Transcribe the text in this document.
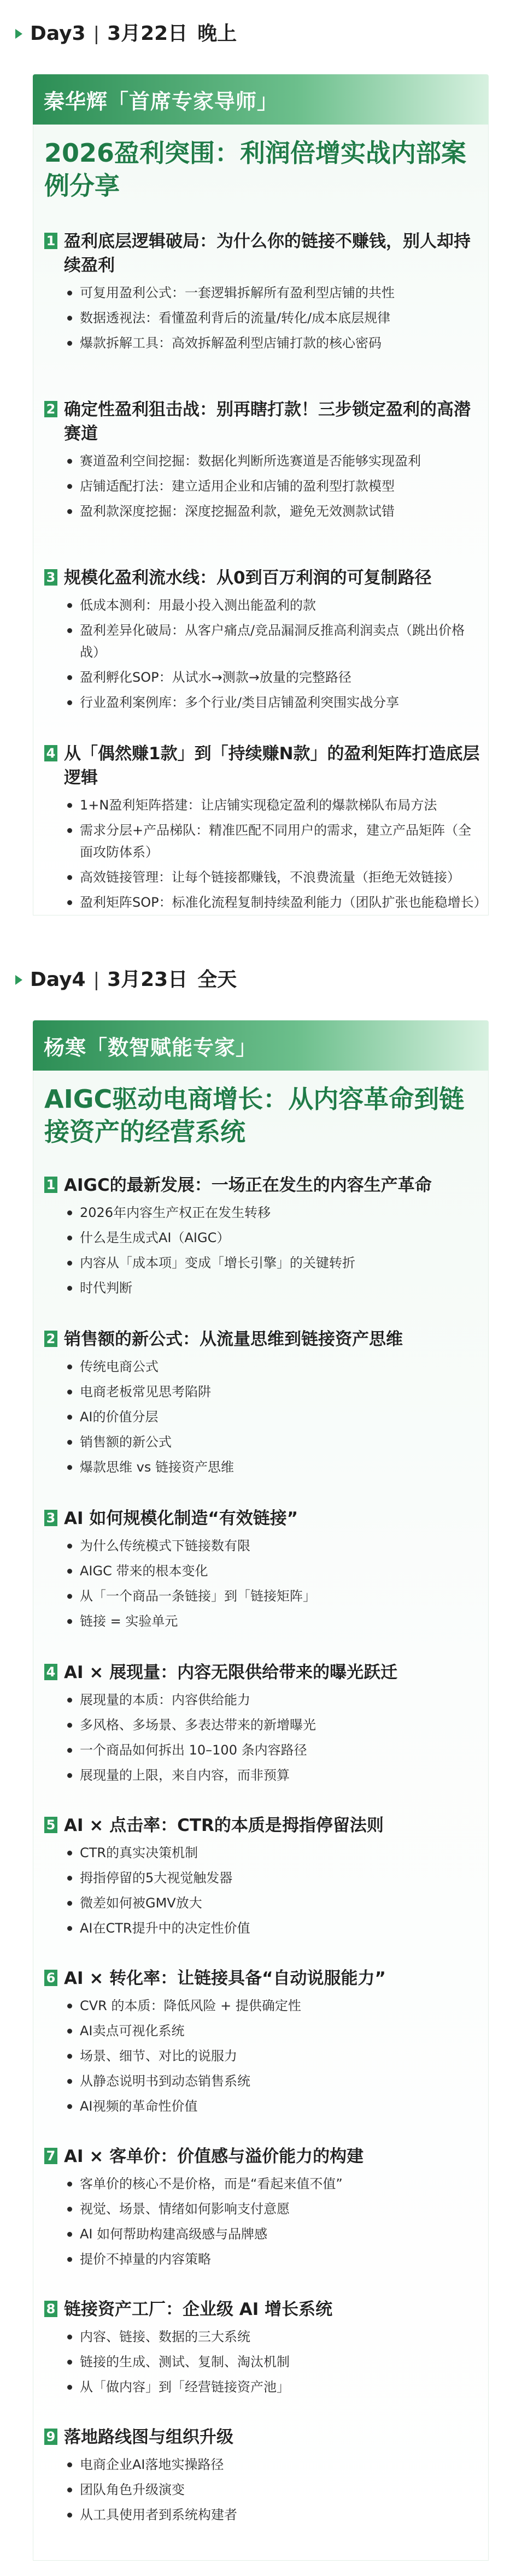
Day3 | 3月22日 晚上
秦华辉「首席专家导师」
2026盈利突围：利润倍增实战内部案例分享
1 盈利底层逻辑破局：为什么你的链接不赚钱，别人却持续盈利
可复用盈利公式：一套逻辑拆解所有盈利型店铺的共性
数据透视法：看懂盈利背后的流量/转化/成本底层规律
爆款拆解工具：高效拆解盈利型店铺打款的核心密码
2 确定性盈利狙击战：别再瞎打款！三步锁定盈利的高潜赛道
赛道盈利空间挖掘：数据化判断所选赛道是否能够实现盈利
店铺适配打法：建立适用企业和店铺的盈利型打款模型
盈利款深度挖掘：深度挖掘盈利款，避免无效测款试错
3 规模化盈利流水线：从0到百万利润的可复制路径
低成本测利：用最小投入测出能盈利的款
盈利差异化破局：从客户痛点/竞品漏洞反推高利润卖点（跳出价格战）
盈利孵化SOP：从试水→测款→放量的完整路径
行业盈利案例库：多个行业/类目店铺盈利突围实战分享
4 从「偶然赚1款」到「持续赚N款」的盈利矩阵打造底层逻辑
1+N盈利矩阵搭建：让店铺实现稳定盈利的爆款梯队布局方法
需求分层+产品梯队：精准匹配不同用户的需求，建立产品矩阵（全面攻防体系）
高效链接管理：让每个链接都赚钱，不浪费流量（拒绝无效链接）
盈利矩阵SOP：标准化流程复制持续盈利能力（团队扩张也能稳增长）
Day4 | 3月23日 全天
杨寒「数智赋能专家」
AIGC驱动电商增长：从内容革命到链接资产的经营系统
1 AIGC的最新发展：一场正在发生的内容生产革命
2026年内容生产权正在发生转移
什么是生成式AI（AIGC）
内容从「成本项」变成「增长引擎」的关键转折
时代判断
2 销售额的新公式：从流量思维到链接资产思维
传统电商公式
电商老板常见思考陷阱
AI的价值分层
销售额的新公式
爆款思维 vs 链接资产思维
3 AI 如何规模化制造“有效链接”
为什么传统模式下链接数有限
AIGC 带来的根本变化
从「一个商品一条链接」到「链接矩阵」
链接 = 实验单元
4 AI × 展现量：内容无限供给带来的曝光跃迁
展现量的本质：内容供给能力
多风格、多场景、多表达带来的新增曝光
一个商品如何拆出 10–100 条内容路径
展现量的上限，来自内容，而非预算
5 AI × 点击率：CTR的本质是拇指停留法则
CTR的真实决策机制
拇指停留的5大视觉触发器
微差如何被GMV放大
AI在CTR提升中的决定性价值
6 AI × 转化率：让链接具备“自动说服能力”
CVR 的本质：降低风险 + 提供确定性
AI卖点可视化系统
场景、细节、对比的说服力
从静态说明书到动态销售系统
AI视频的革命性价值
7 AI × 客单价：价值感与溢价能力的构建
客单价的核心不是价格，而是“看起来值不值”
视觉、场景、情绪如何影响支付意愿
AI 如何帮助构建高级感与品牌感
提价不掉量的内容策略
8 链接资产工厂：企业级 AI 增长系统
内容、链接、数据的三大系统
链接的生成、测试、复制、淘汰机制
从「做内容」到「经营链接资产池」
9 落地路线图与组织升级
电商企业AI落地实操路径
团队角色升级演变
从工具使用者到系统构建者
